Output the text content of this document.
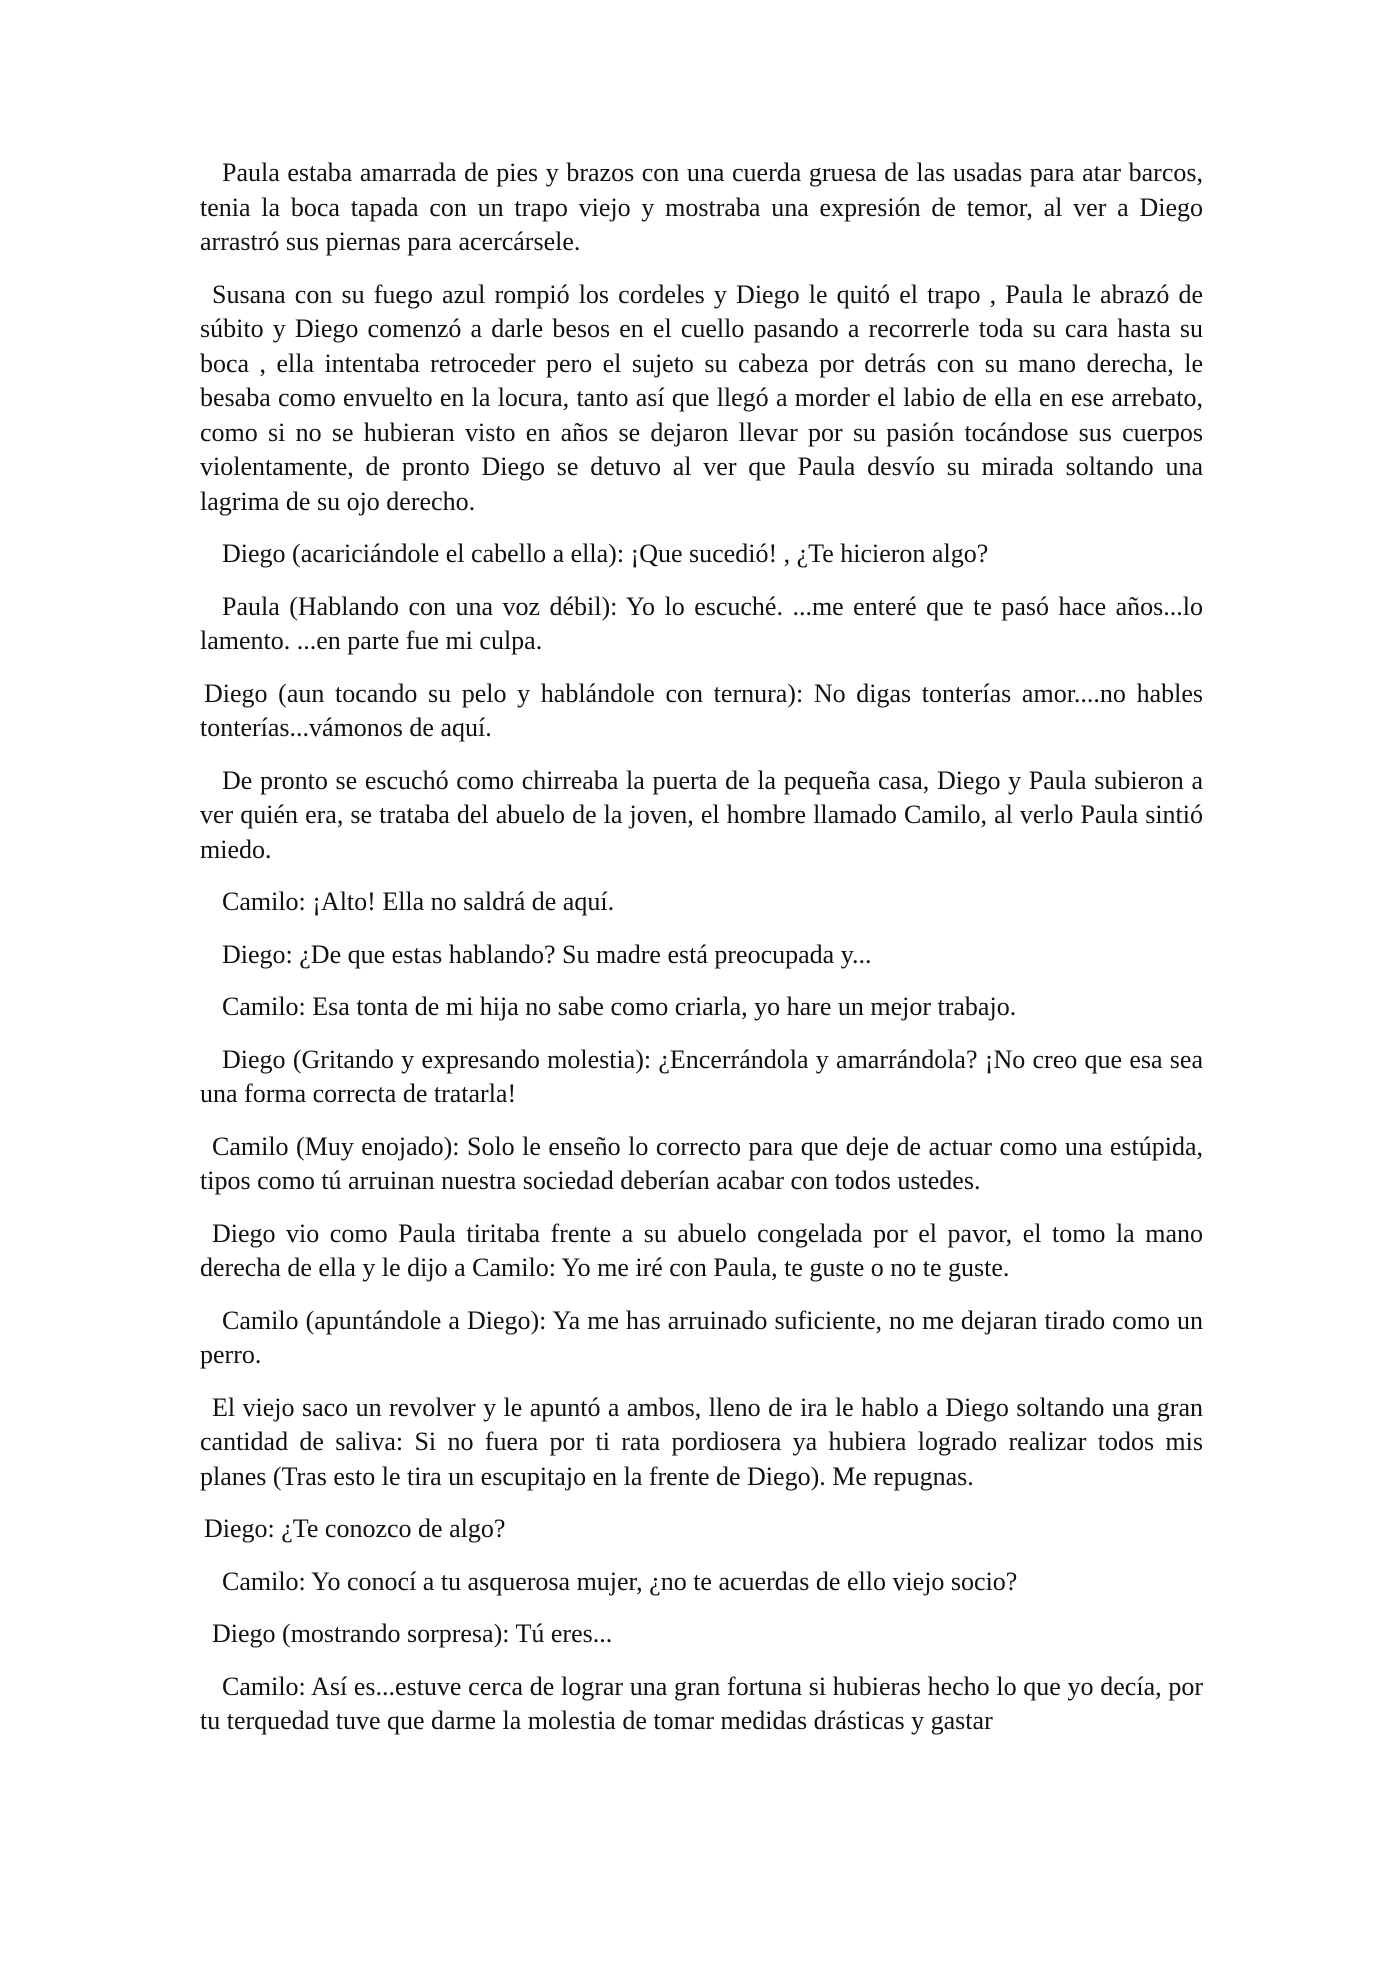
Paula estaba amarrada de pies y brazos con una cuerda gruesa de las usadas para atar barcos, tenia la boca tapada con un trapo viejo y mostraba una expresión de temor, al ver a Diego arrastró sus piernas para acercársele.

Susana con su fuego azul rompió los cordeles y Diego le quitó el trapo , Paula le abrazó de súbito y Diego comenzó a darle besos en el cuello pasando a recorrerle toda su cara hasta su boca , ella intentaba retroceder pero el sujeto su cabeza por detrás con su mano derecha, le besaba como envuelto en la locura, tanto así que llegó a morder el labio de ella en ese arrebato, como si no se hubieran visto en años se dejaron llevar por su pasión tocándose sus cuerpos violentamente, de pronto Diego se detuvo al ver que Paula desvío su mirada soltando una lagrima de su ojo derecho.

Diego (acariciándole el cabello a ella): ¡Que sucedió! , ¿Te hicieron algo?

Paula (Hablando con una voz débil): Yo lo escuché. ...me enteré que te pasó hace años...lo lamento. ...en parte fue mi culpa.

Diego (aun tocando su pelo y hablándole con ternura): No digas tonterías amor....no hables tonterías...vámonos de aquí.

De pronto se escuchó como chirreaba la puerta de la pequeña casa, Diego y Paula subieron a ver quién era, se trataba del abuelo de la joven, el hombre llamado Camilo, al verlo Paula sintió miedo.

Camilo: ¡Alto! Ella no saldrá de aquí.

Diego: ¿De que estas hablando? Su madre está preocupada y...

Camilo: Esa tonta de mi hija no sabe como criarla, yo hare un mejor trabajo.

Diego (Gritando y expresando molestia): ¿Encerrándola y amarrándola? ¡No creo que esa sea una forma correcta de tratarla!

Camilo (Muy enojado): Solo le enseño lo correcto para que deje de actuar como una estúpida, tipos como tú arruinan nuestra sociedad deberían acabar con todos ustedes.

Diego vio como Paula tiritaba frente a su abuelo congelada por el pavor, el tomo la mano derecha de ella y le dijo a Camilo: Yo me iré con Paula, te guste o no te guste.

Camilo (apuntándole a Diego): Ya me has arruinado suficiente, no me dejaran tirado como un perro.

El viejo saco un revolver y le apuntó a ambos, lleno de ira le hablo a Diego soltando una gran cantidad de saliva: Si no fuera por ti rata pordiosera ya hubiera logrado realizar todos mis planes (Tras esto le tira un escupitajo en la frente de Diego). Me repugnas.

Diego: ¿Te conozco de algo?

Camilo: Yo conocí a tu asquerosa mujer, ¿no te acuerdas de ello viejo socio?

Diego (mostrando sorpresa): Tú eres...

Camilo: Así es...estuve cerca de lograr una gran fortuna si hubieras hecho lo que yo decía, por tu terquedad tuve que darme la molestia de tomar medidas drásticas y gastar
